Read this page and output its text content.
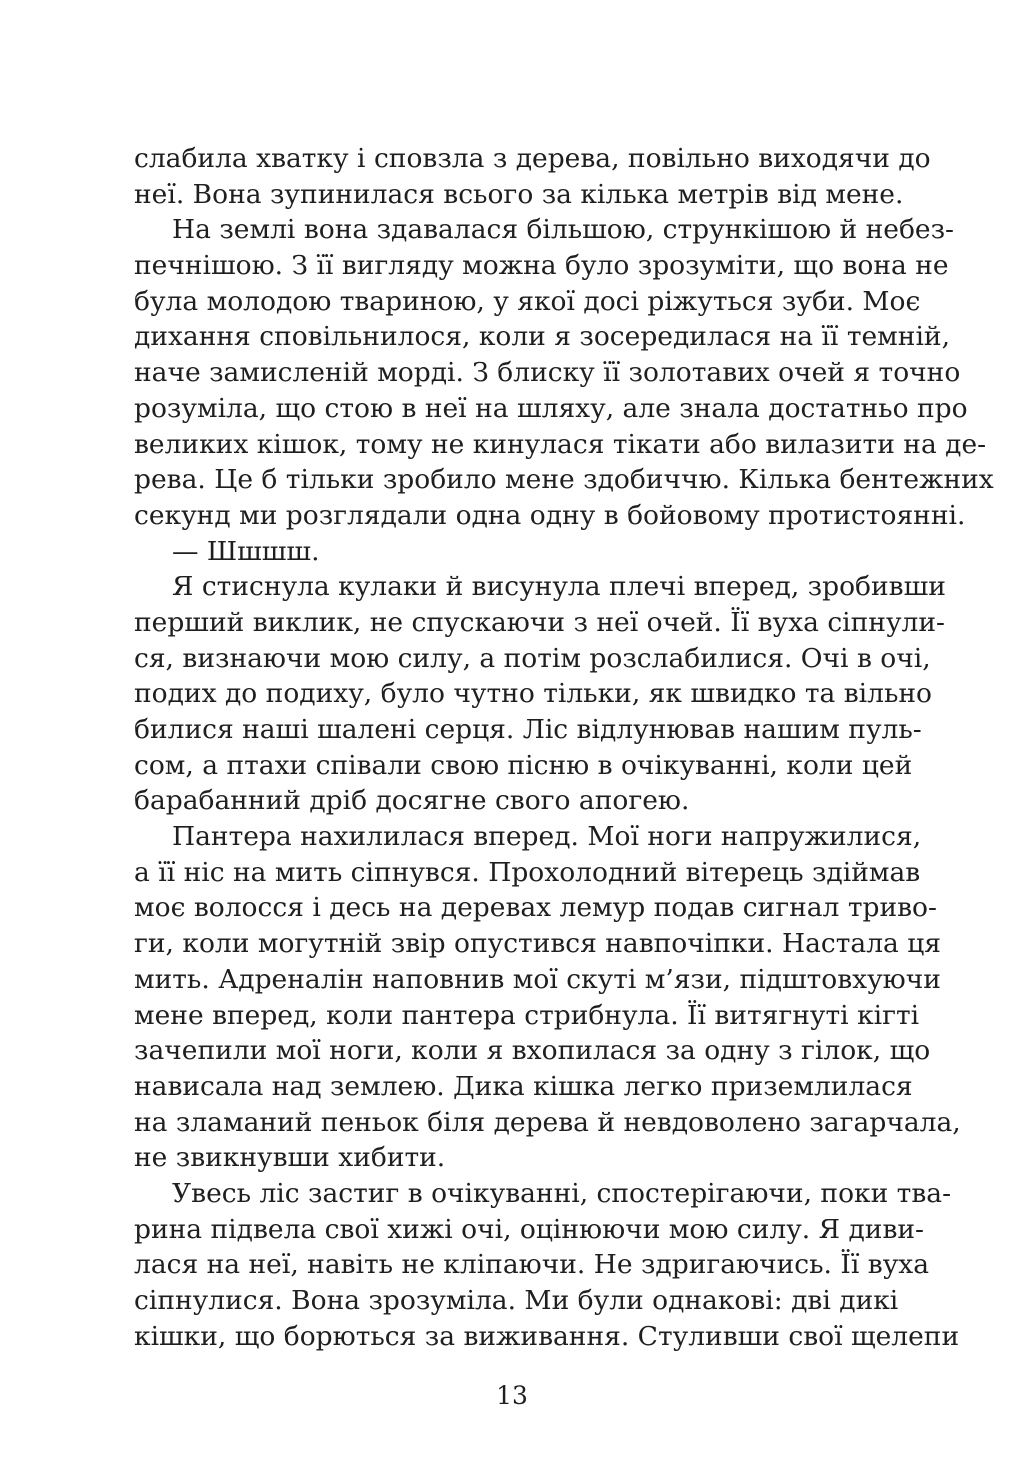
слабила хватку і сповзла з дерева, повільно виходячи до
неї. Вона зупинилася всього за кілька метрів від мене.
На землі вона здавалася більшою, стрункішою й небез-
печнішою. З її вигляду можна було зрозуміти, що вона не
була молодою твариною, у якої досі ріжуться зуби. Моє
дихання сповільнилося, коли я зосередилася на її темній,
наче замисленій морді. З блиску її золотавих очей я точно
розуміла, що стою в неї на шляху, але знала достатньо про
великих кішок, тому не кинулася тікати або вилазити на де-
рева. Це б тільки зробило мене здобиччю. Кілька бентежних
секунд ми розглядали одна одну в бойовому протистоянні.
— Шшшш.
Я стиснула кулаки й висунула плечі вперед, зробивши
перший виклик, не спускаючи з неї очей. Її вуха сіпнули-
ся, визнаючи мою силу, а потім розслабилися. Очі в очі,
подих до подиху, було чутно тільки, як швидко та вільно
билися наші шалені серця. Ліс відлунював нашим пуль-
сом, а птахи співали свою пісню в очікуванні, коли цей
барабанний дріб досягне свого апогею.
Пантера нахилилася вперед. Мої ноги напружилися,
а її ніс на мить сіпнувся. Прохолодний вітерець здіймав
моє волосся і десь на деревах лемур подав сигнал триво-
ги, коли могутній звір опустився навпочіпки. Настала ця
мить. Адреналін наповнив мої скуті м’язи, підштовхуючи
мене вперед, коли пантера стрибнула. Її витягнуті кігті
зачепили мої ноги, коли я вхопилася за одну з гілок, що
нависала над землею. Дика кішка легко приземлилася
на зламаний пеньок біля дерева й невдоволено загарчала,
не звикнувши хибити.
Увесь ліс застиг в очікуванні, спостерігаючи, поки тва-
рина підвела свої хижі очі, оцінюючи мою силу. Я диви-
лася на неї, навіть не кліпаючи. Не здригаючись. Її вуха
сіпнулися. Вона зрозуміла. Ми були однакові: дві дикі
кішки, що борються за виживання. Стуливши свої щелепи
13
